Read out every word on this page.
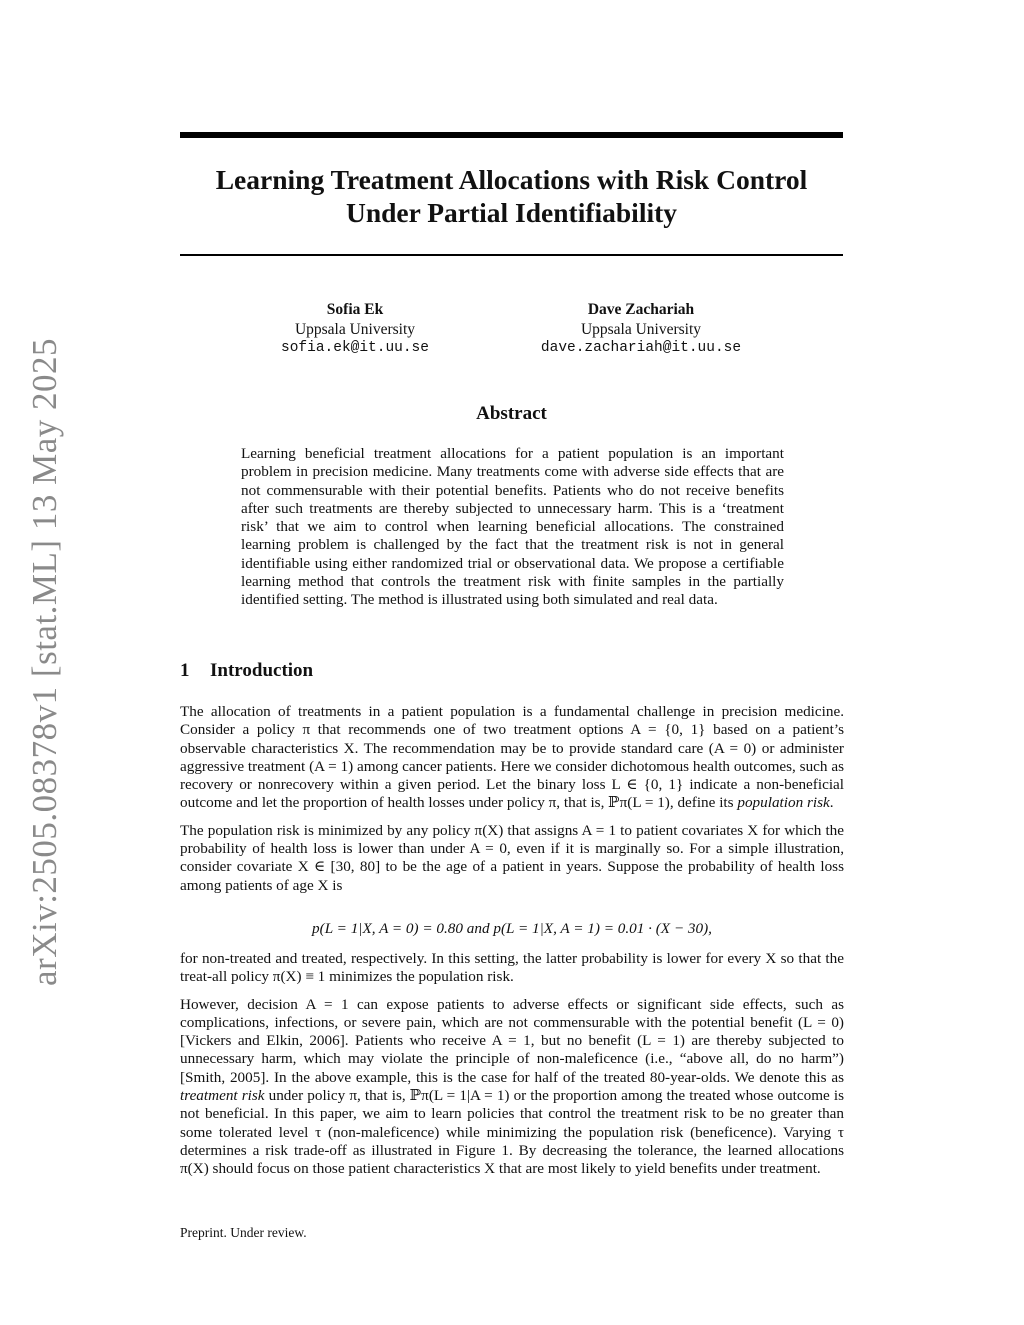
arXiv:2505.08378v1 [stat.ML] 13 May 2025
Learning Treatment Allocations with Risk Control
Under Partial Identifiability
Sofia Ek
Uppsala University
sofia.ek@it.uu.se
Dave Zachariah
Uppsala University
dave.zachariah@it.uu.se
Abstract
Learning beneficial treatment allocations for a patient population is an important problem in precision medicine. Many treatments come with adverse side effects that are not commensurable with their potential benefits. Patients who do not receive benefits after such treatments are thereby subjected to unnecessary harm. This is a ‘treatment risk’ that we aim to control when learning beneficial allocations. The constrained learning problem is challenged by the fact that the treatment risk is not in general identifiable using either randomized trial or observational data. We propose a certifiable learning method that controls the treatment risk with finite samples in the partially identified setting. The method is illustrated using both simulated and real data.
1 Introduction

The allocation of treatments in a patient population is a fundamental challenge in precision medicine. Consider a policy π that recommends one of two treatment options A = {0, 1} based on a patient’s observable characteristics X. The recommendation may be to provide standard care (A = 0) or administer aggressive treatment (A = 1) among cancer patients. Here we consider dichotomous health outcomes, such as recovery or nonrecovery within a given period. Let the binary loss L ∈ {0, 1} indicate a non-beneficial outcome and let the proportion of health losses under policy π, that is, ℙπ(L = 1), define its population risk.

The population risk is minimized by any policy π(X) that assigns A = 1 to patient covariates X for which the probability of health loss is lower than under A = 0, even if it is marginally so. For a simple illustration, consider covariate X ∈ [30, 80] to be the age of a patient in years. Suppose the probability of health loss among patients of age X is

p(L = 1|X, A = 0) = 0.80 and p(L = 1|X, A = 1) = 0.01 · (X − 30),

for non-treated and treated, respectively. In this setting, the latter probability is lower for every X so that the treat-all policy π(X) ≡ 1 minimizes the population risk.

However, decision A = 1 can expose patients to adverse effects or significant side effects, such as complications, infections, or severe pain, which are not commensurable with the potential benefit (L = 0) [Vickers and Elkin, 2006]. Patients who receive A = 1, but no benefit (L = 1) are thereby subjected to unnecessary harm, which may violate the principle of non-maleficence (i.e., “above all, do no harm”) [Smith, 2005]. In the above example, this is the case for half of the treated 80-year-olds. We denote this as treatment risk under policy π, that is, ℙπ(L = 1|A = 1) or the proportion among the treated whose outcome is not beneficial. In this paper, we aim to learn policies that control the treatment risk to be no greater than some tolerated level τ (non-maleficence) while minimizing the population risk (beneficence). Varying τ determines a risk trade-off as illustrated in Figure 1. By decreasing the tolerance, the learned allocations π(X) should focus on those patient characteristics X that are most likely to yield benefits under treatment.

Preprint. Under review.
